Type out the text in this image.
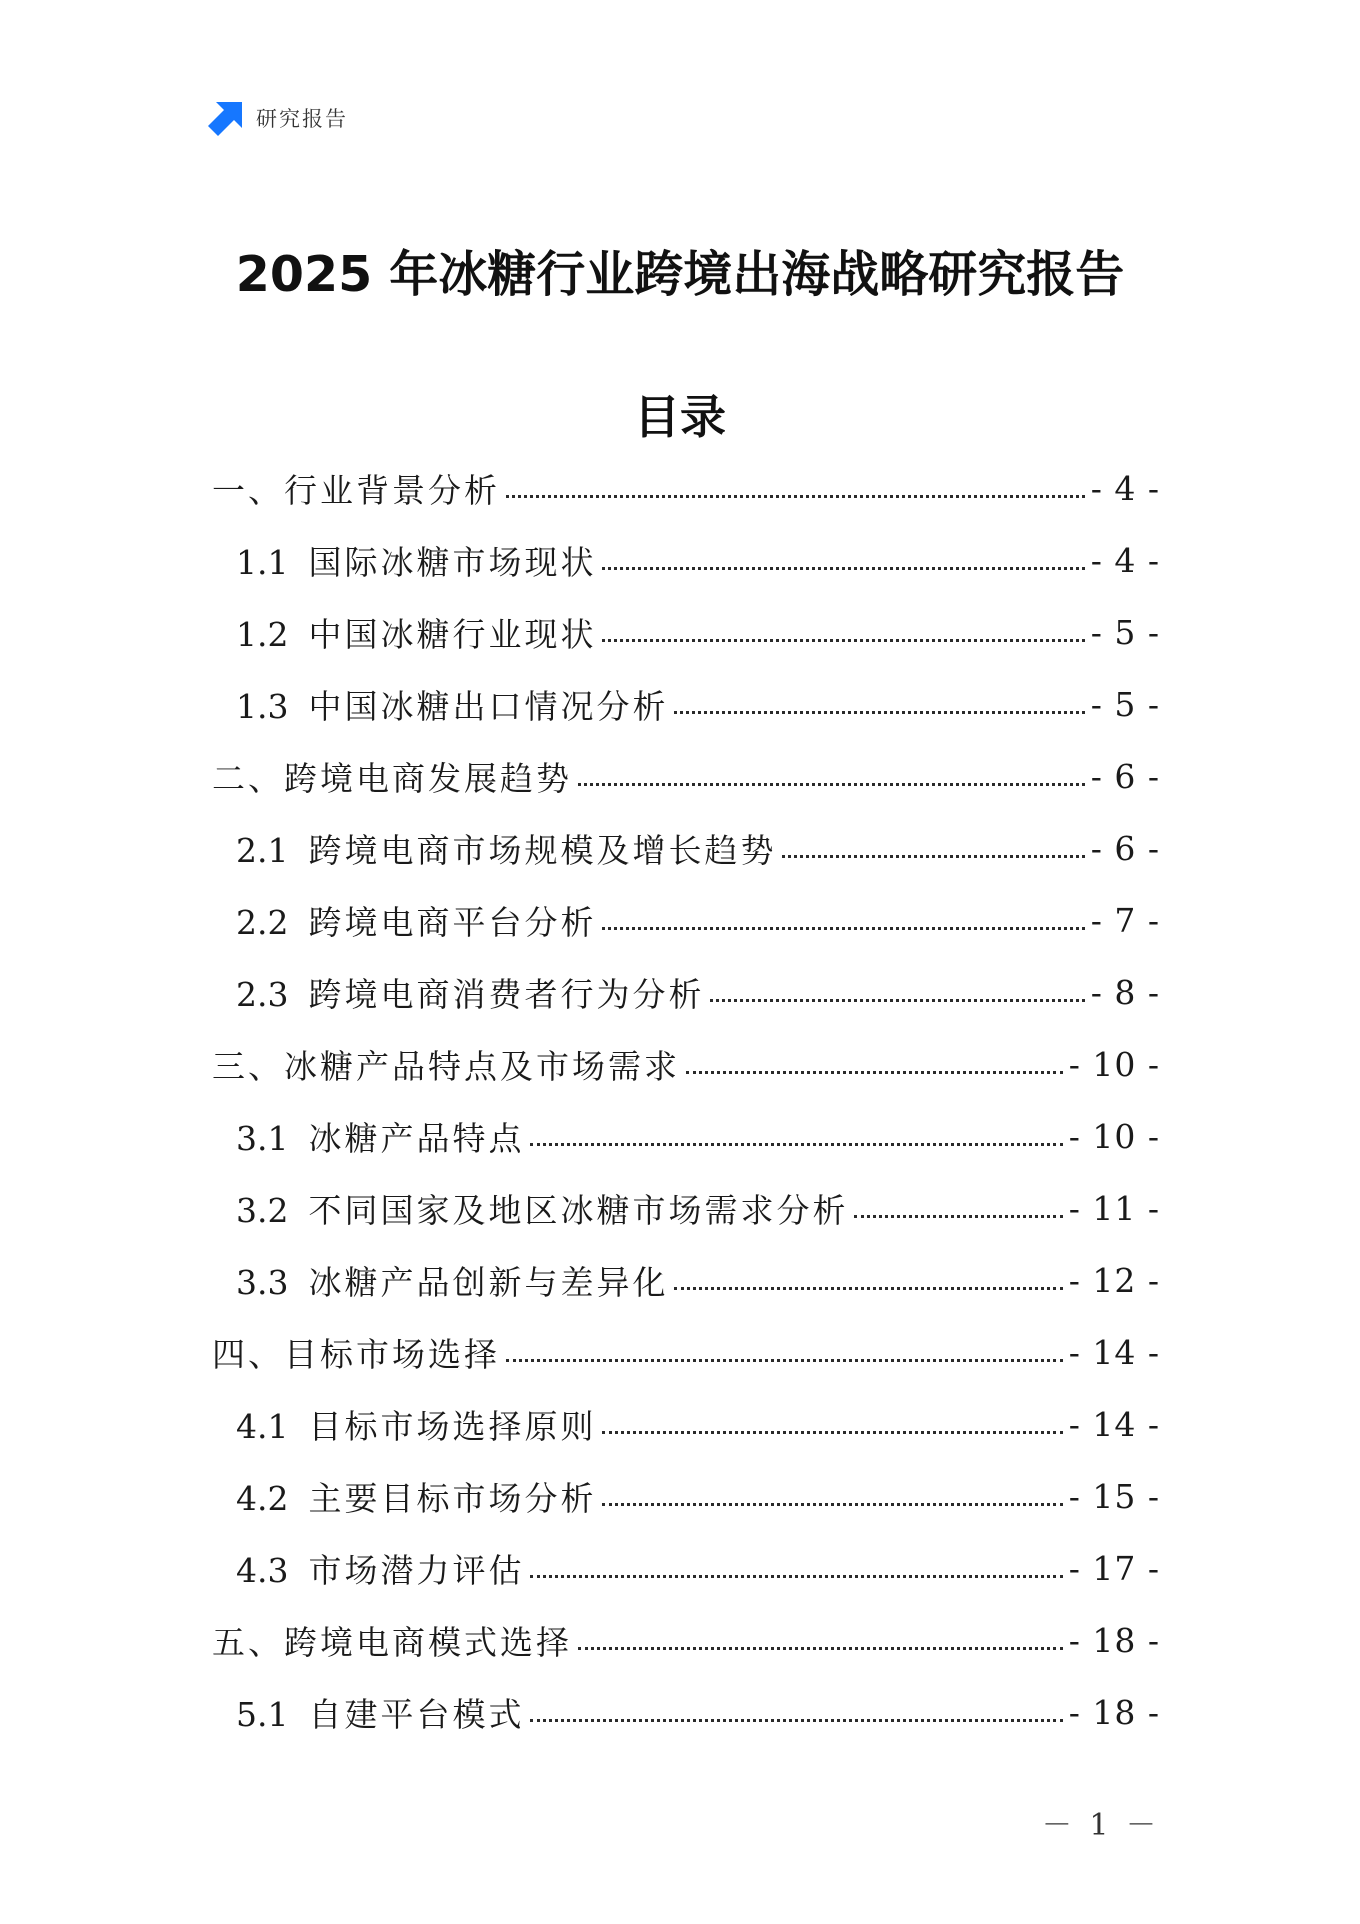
研究报告
2025 年冰糖行业跨境出海战略研究报告
目录
一、行业背景分析	- 4 -
1.1 国际冰糖市场现状	- 4 -
1.2 中国冰糖行业现状	- 5 -
1.3 中国冰糖出口情况分析	- 5 -
二、跨境电商发展趋势	- 6 -
2.1 跨境电商市场规模及增长趋势	- 6 -
2.2 跨境电商平台分析	- 7 -
2.3 跨境电商消费者行为分析	- 8 -
三、冰糖产品特点及市场需求	- 10 -
3.1 冰糖产品特点	- 10 -
3.2 不同国家及地区冰糖市场需求分析	- 11 -
3.3 冰糖产品创新与差异化	- 12 -
四、目标市场选择	- 14 -
4.1 目标市场选择原则	- 14 -
4.2 主要目标市场分析	- 15 -
4.3 市场潜力评估	- 17 -
五、跨境电商模式选择	- 18 -
5.1 自建平台模式	- 18 -
－ 1 －
